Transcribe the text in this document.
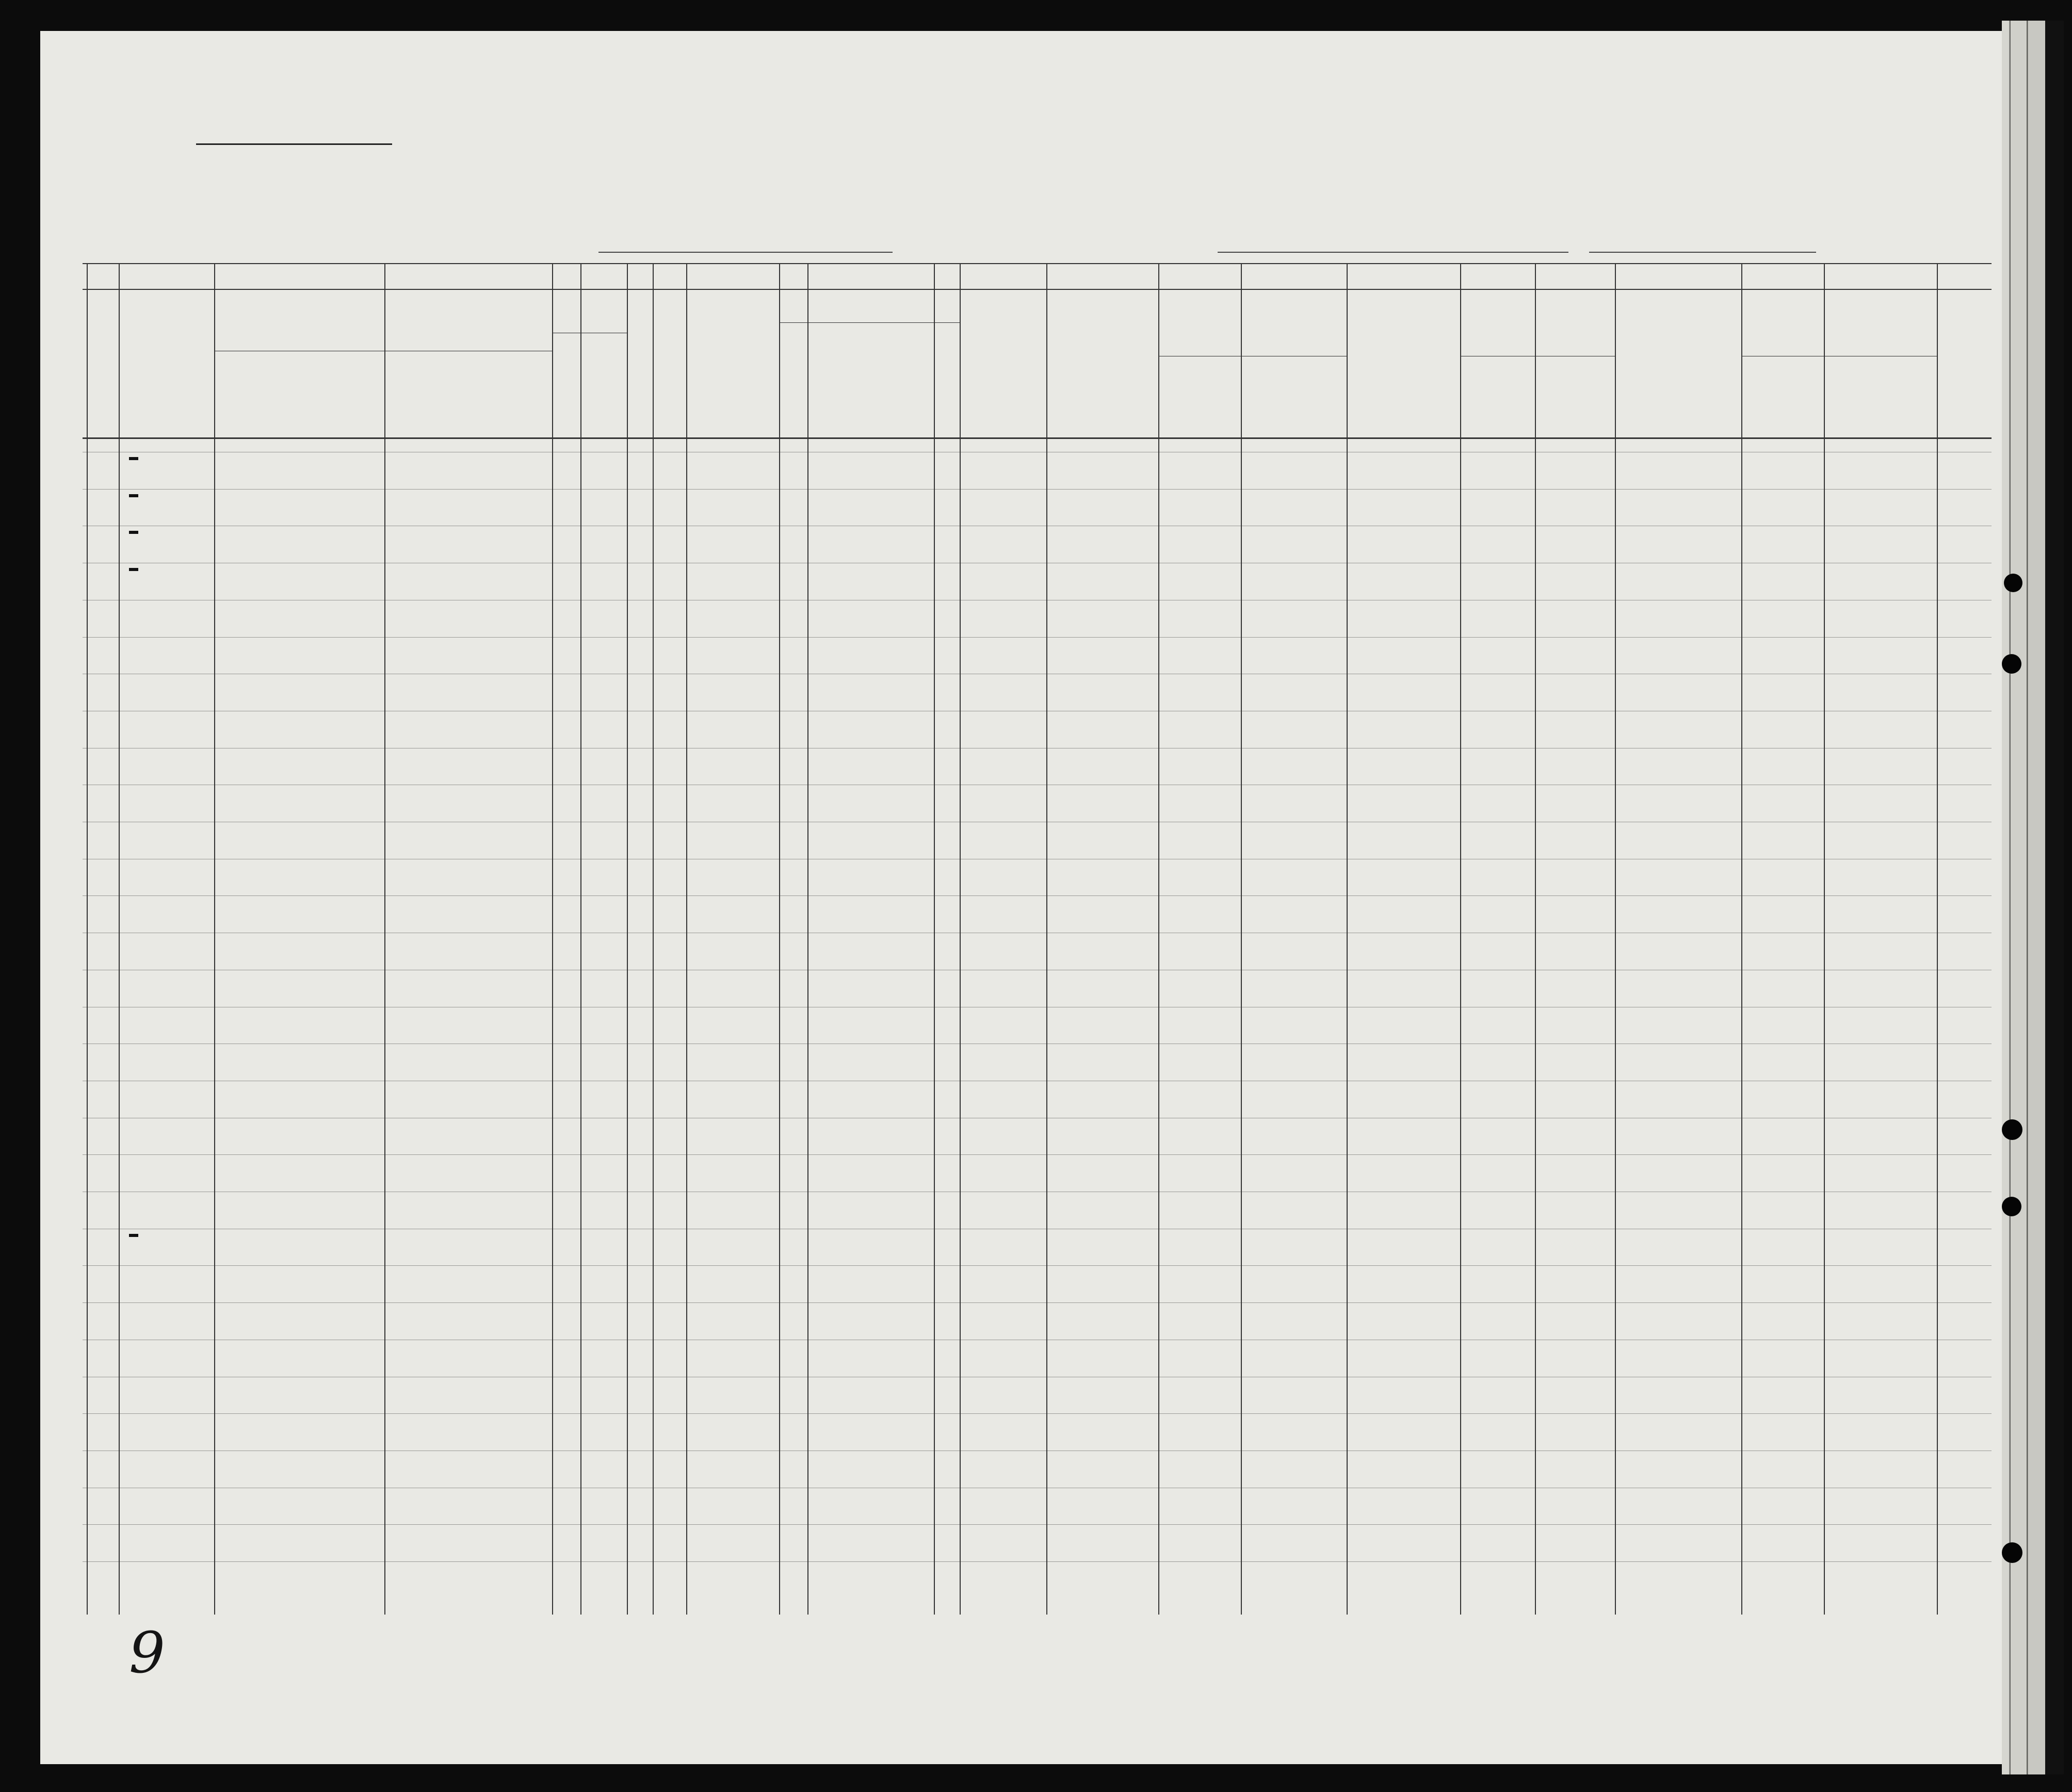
9
